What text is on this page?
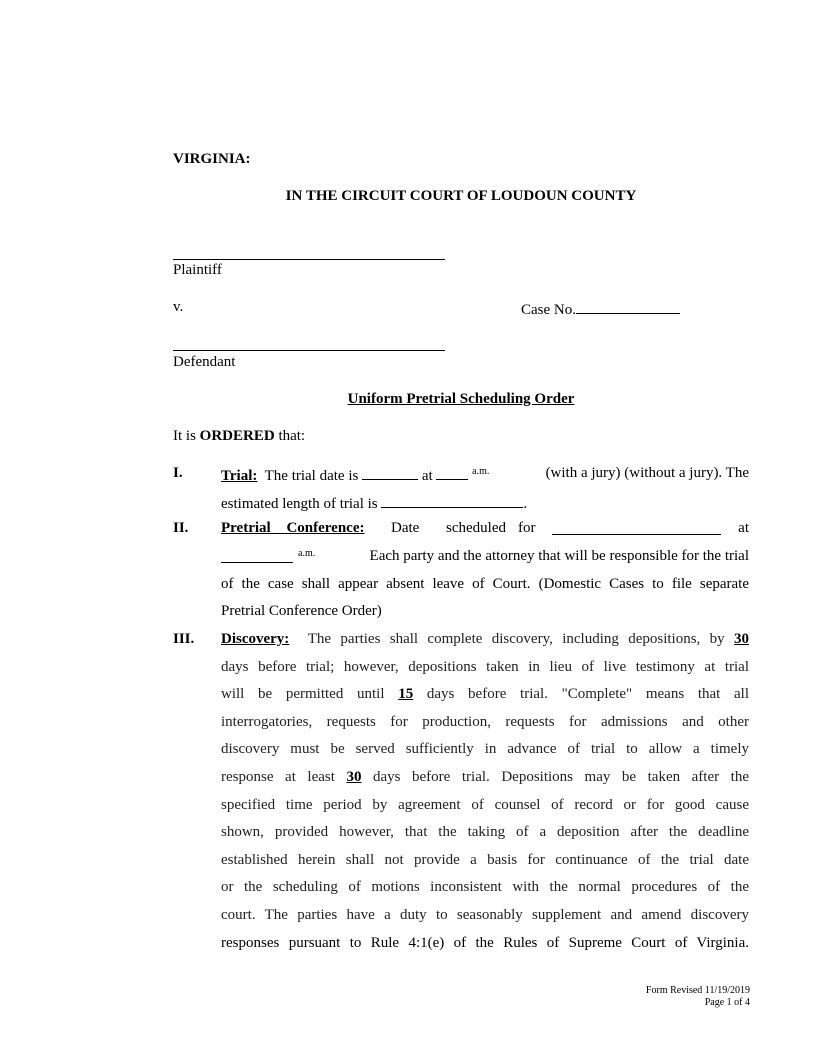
VIRGINIA:
IN THE CIRCUIT COURT OF LOUDOUN COUNTY
Plaintiff
v.	Case No.
Defendant
Uniform Pretrial Scheduling Order
It is ORDERED that:
I.	Trial: The trial date is	at	$^{a.m.}$	(with a jury) (without a jury). The
estimated length of trial is	.
II. Pretrial Conference: Date scheduled for	at
a.m.	Each party and the attorney that will be responsible for the trial
of the case shall appear absent leave of Court. (Domestic Cases to file separate
Pretrial Conference Order)
III. Discovery: The parties shall complete discovery, including depositions, by 30
days before trial; however, depositions taken in lieu of live testimony at trial
will be permitted until 15 days before trial. "Complete" means that all
interrogatories, requests for production, requests for admissions and other
discovery must be served sufficiently in advance of trial to allow a timely
response at least 30 days before trial. Depositions may be taken after the
specified time period by agreement of counsel of record or for good cause
shown, provided however, that the taking of a deposition after the deadline
established herein shall not provide a basis for continuance of the trial date
or the scheduling of motions inconsistent with the normal procedures of the
court. The parties have a duty to seasonably supplement and amend discovery
responses pursuant to Rule 4:1(e) of the Rules of Supreme Court of Virginia.
Form Revised 11/19/2019
Page 1 of 4
